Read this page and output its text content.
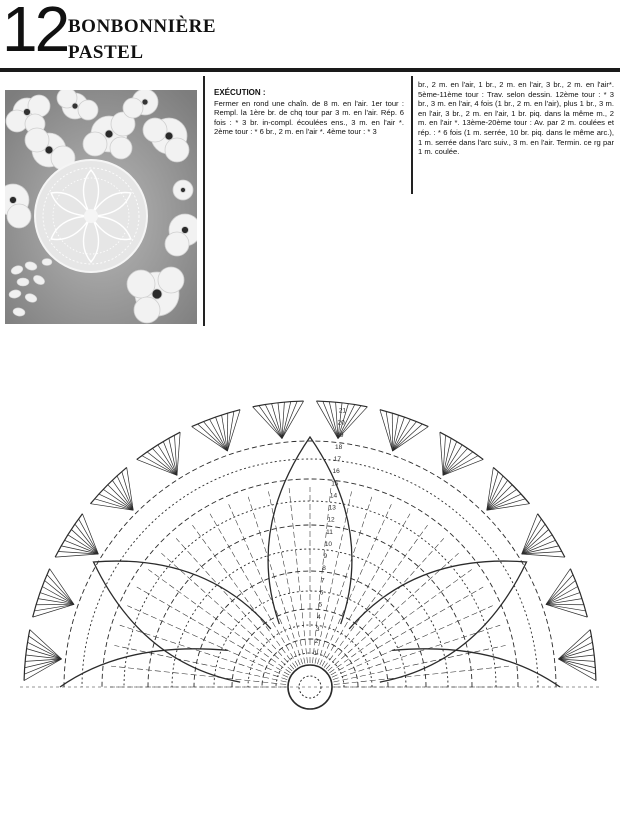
12 BONBONNIÈRE
PASTEL
EXÉCUTION :

Fermer en rond une chaîn. de 8 m. en l'air. 1er tour : Rempl. la 1ère br. de chq tour par 3 m. en l'air. Rép. 6 fois : * 3 br. in-compl. écoulées ens., 3 m. en l'air *. 2ème tour : * 6 br., 2 m. en l'air *. 4ème tour : * 3

br., 2 m. en l'air, 1 br., 2 m. en l'air, 3 br., 2 m. en l'air*. 5ème-11ème tour : Trav. selon dessin. 12ème tour : * 3 br., 3 m. en l'air, 4 fois (1 br., 2 m. en l'air), plus 1 br., 3 m. en l'air, 3 br., 2 m. en l'air, 1 br. piq. dans la même m., 2 m. en l'air *. 13ème-20ème tour : Av. par 2 m. coulées et rép. : * 6 fois (1 m. serrée, 10 br. piq. dans le même arc.), 1 m. serrée dans l'arc suiv., 3 m. en l'air. Termin. ce rg par 1 m. coulée.

21
20
19
18
17
16
15
14
13
12
11
10
9
8
7
6
5
4
3
2
1
